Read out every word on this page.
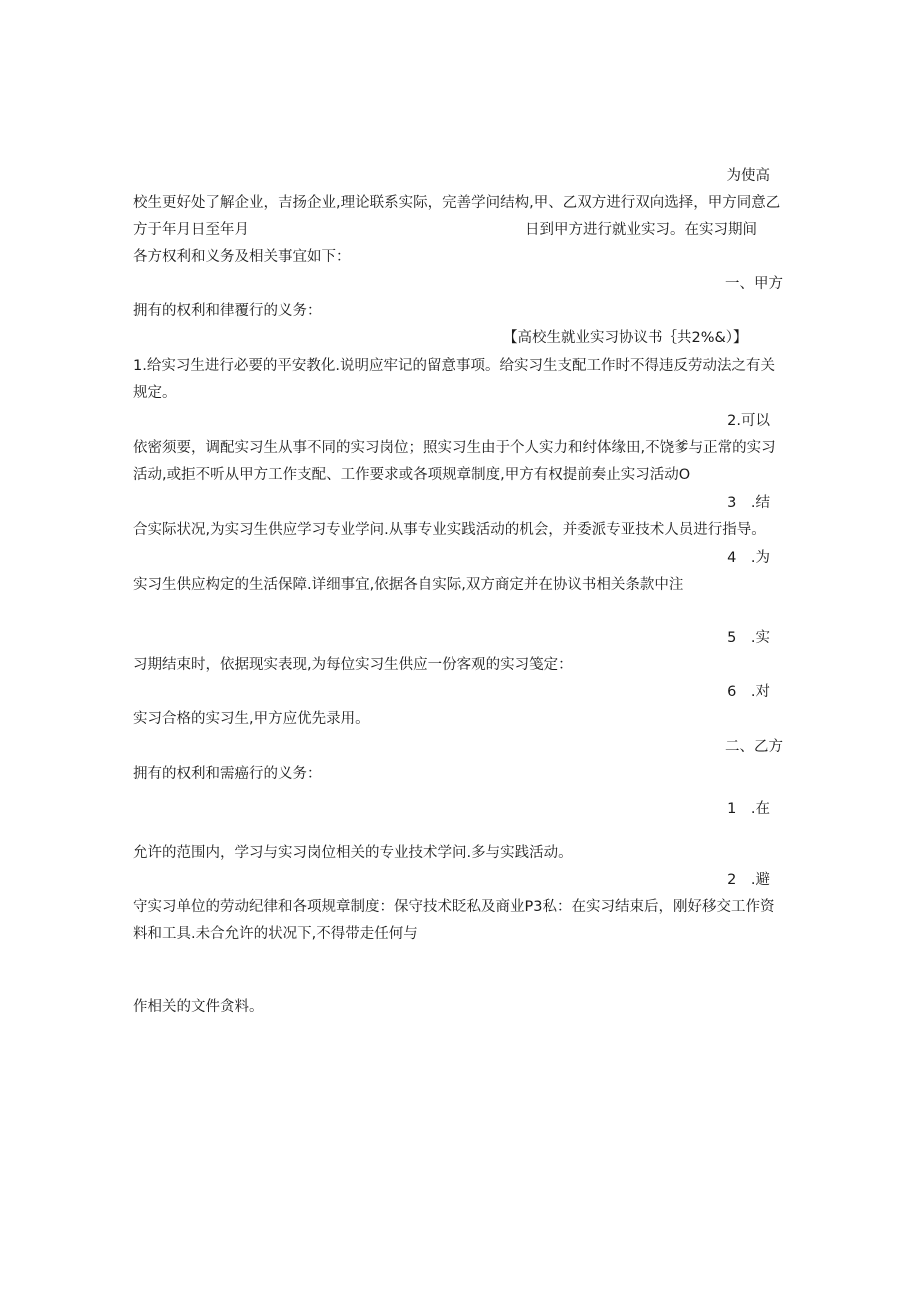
为使高
校生更好处了解企业，吉扬企业,理论联系实际，完善学问结构,甲、乙双方进行双向选择，甲方同意乙
方于年月日至年月	日到甲方进行就业实习。在实习期间
各方权利和义务及相关事宜如下：
一、甲方
拥有的权利和律覆行的义务：
【高校生就业实习协议书｛共2%&）】
1.给实习生进行必要的平安教化.说明应牢记的留意事项。给实习生支配工作时不得违反劳动法之有关
规定。
2.可以
依密须要，调配实习生从事不同的实习岗位；照实习生由于个人实力和纣体缘田,不饶爹与正常的实习
活动,或拒不听从甲方工作支配、工作要求或各项规章制度,甲方有权提前奏止实习活动O
3　.结
合实际状况,为实习生供应学习专业学问.从事专业实践活动的机会，并委派专亚技术人员进行指导。
4　.为
实习生供应构定的生活保障.详细事宜,依据各自实际,双方商定并在协议书相关条款中注
5　.实
习期结束时，依据现实表现,为每位实习生供应一份客观的实习笺定：
6　.对
实习合格的实习生,甲方应优先录用。
二、乙方
拥有的权利和需癌行的义务：
1　.在
允许的范围内，学习与实习岗位相关的专业技术学问.多与实践活动。
2　.避
守实习单位的劳动纪律和各项规章制度：保守技术眨私及商业P3私：在实习结束后，刚好移交工作资
料和工具.未合允许的状况下,不得带走任何与
作相关的文件贪料。
